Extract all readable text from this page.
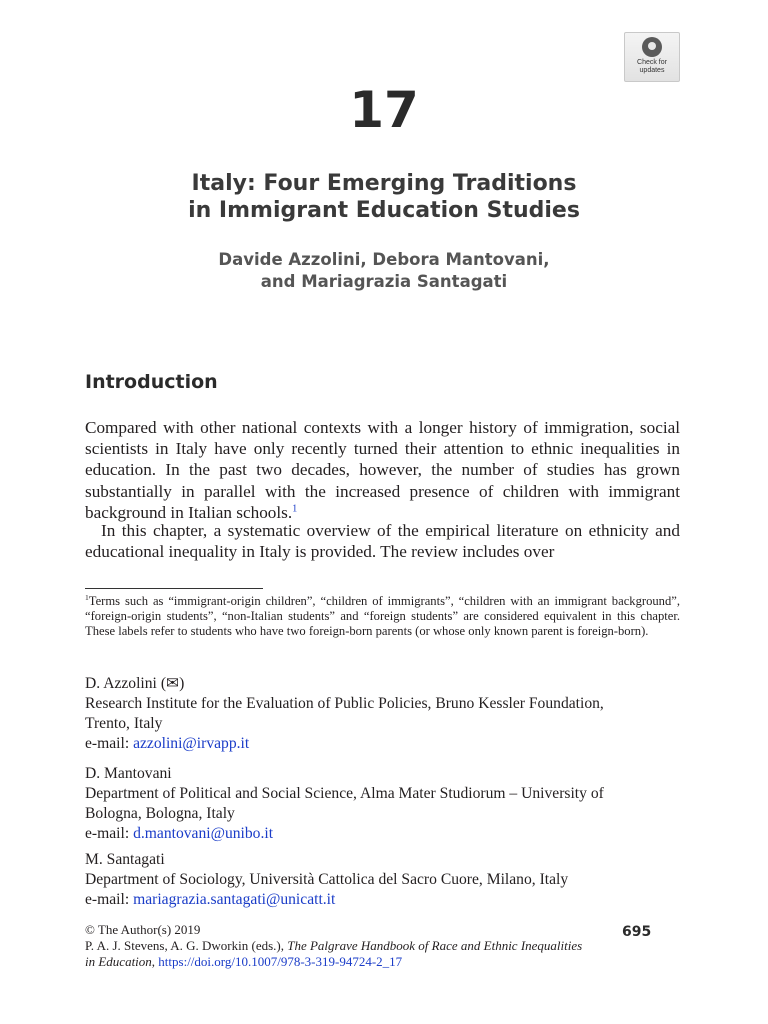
Check for
updates
17
Italy: Four Emerging Traditions
in Immigrant Education Studies
Davide Azzolini, Debora Mantovani,
and Mariagrazia Santagati
Introduction

Compared with other national contexts with a longer history of immigration, social scientists in Italy have only recently turned their attention to ethnic inequalities in education. In the past two decades, however, the number of studies has grown substantially in parallel with the increased presence of children with immigrant background in Italian schools.$^1$

In this chapter, a systematic overview of the empirical literature on ethnicity and educational inequality in Italy is provided. The review includes over

$^1$Terms such as “immigrant-origin children”, “children of immigrants”, “children with an immigrant background”, “foreign-origin students”, “non-Italian students” and “foreign students” are considered equivalent in this chapter. These labels refer to students who have two foreign-born parents (or whose only known parent is foreign-born).
D. Azzolini (✉)
Research Institute for the Evaluation of Public Policies, Bruno Kessler Foundation,
Trento, Italy
e-mail: azzolini@irvapp.it
D. Mantovani
Department of Political and Social Science, Alma Mater Studiorum – University of
Bologna, Bologna, Italy
e-mail: d.mantovani@unibo.it
M. Santagati
Department of Sociology, Università Cattolica del Sacro Cuore, Milano, Italy
e-mail: mariagrazia.santagati@unicatt.it
695
© The Author(s) 2019
P. A. J. Stevens, A. G. Dworkin (eds.), The Palgrave Handbook of Race and Ethnic Inequalities
in Education, https://doi.org/10.1007/978-3-319-94724-2_17
